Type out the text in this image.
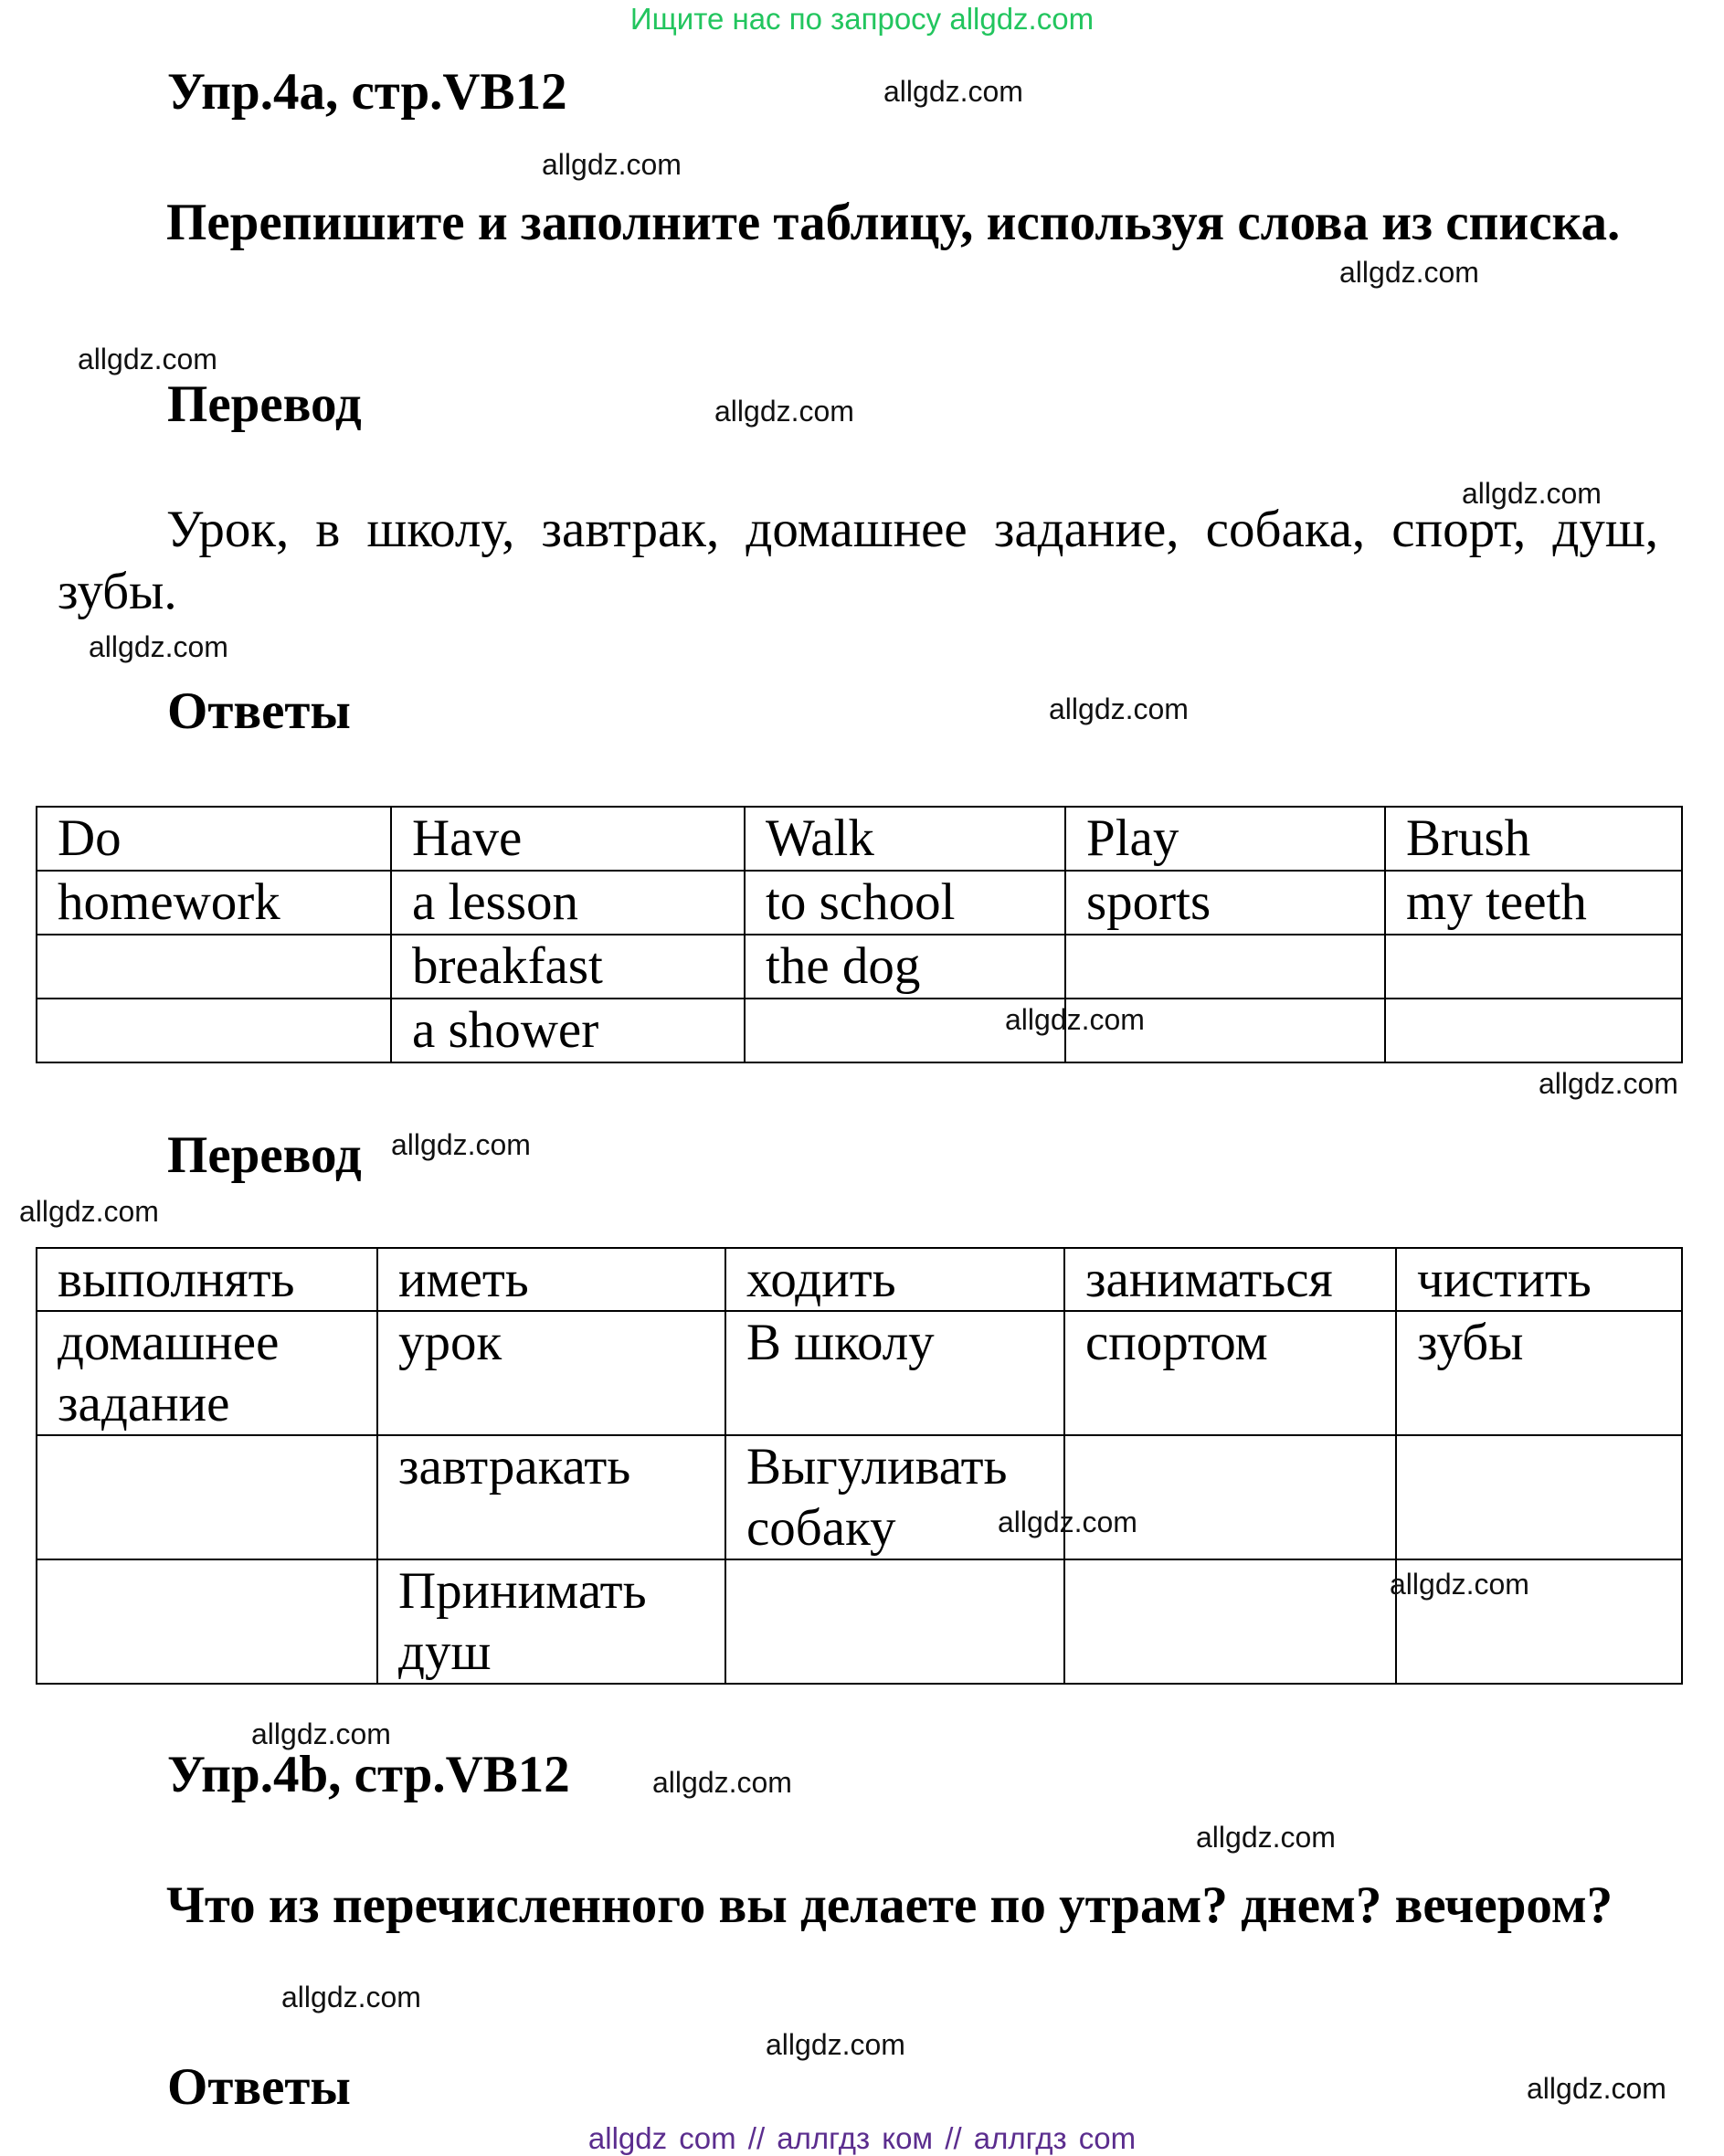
Ищите нас по запросу allgdz.com
Упр.4a, стр.VB12
Перепишите и заполните таблицу, используя слова из списка.
Перевод
Урок, в школу, завтрак, домашнее задание, собака, спорт, душ, зубы.
Ответы
Do	Have	Walk	Play	Brush
homework	a lesson	to school	sports	my teeth
	breakfast	the dog		
	a shower			
Перевод
выполнять	иметь	ходить	заниматься	чистить
домашнее задание	урок	В школу	спортом	зубы
	завтракать	Выгуливать собаку		
	Принимать душ			
Упр.4b, стр.VB12
Что из перечисленного вы делаете по утрам? днем? вечером?
Ответы
allgdz.com
allgdz.com
allgdz.com
allgdz.com
allgdz.com
allgdz.com
allgdz.com
allgdz.com
allgdz.com
allgdz.com
allgdz.com
allgdz.com
allgdz.com
allgdz.com
allgdz.com
allgdz.com
allgdz.com
allgdz.com
allgdz.com
allgdz.com
allgdz com // аллгдз ком // аллгдз com
